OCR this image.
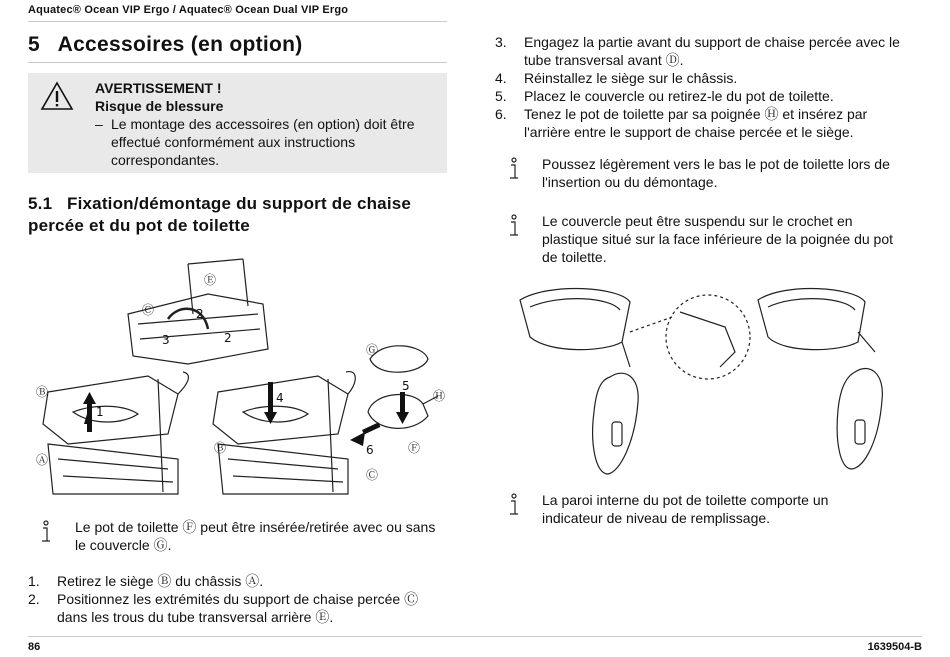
Aquatec® Ocean VIP Ergo / Aquatec® Ocean Dual VIP Ergo
5   Accessoires (en option)
AVERTISSEMENT !
Risque de blessure
– Le montage des accessoires (en option) doit être effectué conformément aux instructions correspondantes.
5.1   Fixation/démontage du support de chaise percée et du pot de toilette
Ⓔ
Ⓒ	2
3	2
Ⓖ
5
Ⓗ
Ⓑ
1
4
Ⓕ
Ⓑ	6
Ⓒ
Ⓐ
Le pot de toilette Ⓕ peut être insérée/retirée avec ou sans le couvercle Ⓖ.
1.	Retirez le siège Ⓑ du châssis Ⓐ.
2.	Positionnez les extrémités du support de chaise percée Ⓒ dans les trous du tube transversal arrière Ⓔ.
3.	Engagez la partie avant du support de chaise percée avec le tube transversal avant Ⓓ.
4.	Réinstallez le siège sur le châssis.
5.	Placez le couvercle ou retirez-le du pot de toilette.
6.	Tenez le pot de toilette par sa poignée Ⓗ et insérez par l'arrière entre le support de chaise percée et le siège.
Poussez légèrement vers le bas le pot de toilette lors de l'insertion ou du démontage.
Le couvercle peut être suspendu sur le crochet en plastique situé sur la face inférieure de la poignée du pot de toilette.
La paroi interne du pot de toilette comporte un indicateur de niveau de remplissage.
86	1639504-B
